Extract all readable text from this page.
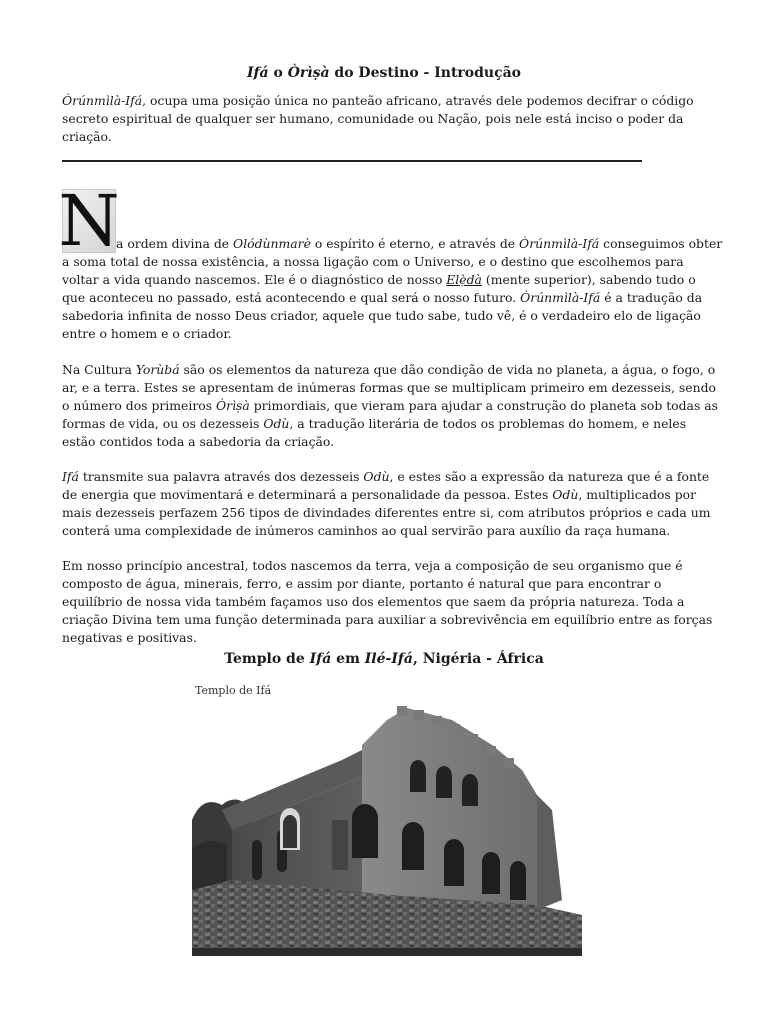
Ifá o Òrìṣà do Destino - Introdução

Òrúnmìlà-Ifá, ocupa uma posição única no panteão africano, através dele podemos decifrar o código secreto espiritual de qualquer ser humano, comunidade ou Nação, pois nele está inciso o poder da criação.

N

a ordem divina de Olódùnmarè o espírito é eterno, e através de Òrúnmìlà-Ifá conseguimos obter

a soma total de nossa existência, a nossa ligação com o Universo, e o destino que escolhemos para voltar a vida quando nascemos. Ele é o diagnóstico de nosso Elẹ̀dà (mente superior), sabendo tudo o que aconteceu no passado, está acontecendo e qual será o nosso futuro. Òrúnmìlà-Ifá é a tradução da sabedoria infinita de nosso Deus criador, aquele que tudo sabe, tudo vê, é o verdadeiro elo de ligação entre o homem e o criador.

Na Cultura Yorùbá são os elementos da natureza que dão condição de vida no planeta, a água, o fogo, o ar, e a terra. Estes se apresentam de inúmeras formas que se multiplicam primeiro em dezesseis, sendo o número dos primeiros Òrìṣà primordiais, que vieram para ajudar a construção do planeta sob todas as formas de vida, ou os dezesseis Odù, a tradução literária de todos os problemas do homem, e neles estão contidos toda a sabedoria da criação.

Ifá transmite sua palavra através dos dezesseis Odù, e estes são a expressão da natureza que é a fonte de energia que movimentará e determinará a personalidade da pessoa. Estes Odù, multiplicados por mais dezesseis perfazem 256 tipos de divindades diferentes entre si, com atributos próprios e cada um conterá uma complexidade de inúmeros caminhos ao qual servirão para auxílio da raça humana.

Em nosso princípio ancestral, todos nascemos da terra, veja a composição de seu organismo que é composto de água, minerais, ferro, e assim por diante, portanto é natural que para encontrar o equilíbrio de nossa vida também façamos uso dos elementos que saem da própria natureza. Toda a criação Divina tem uma função determinada para auxiliar a sobrevivência em equilíbrio entre as forças negativas e positivas.

Templo de Ifá em Ilé-Ifá, Nigéria - África
Templo de Ifá
